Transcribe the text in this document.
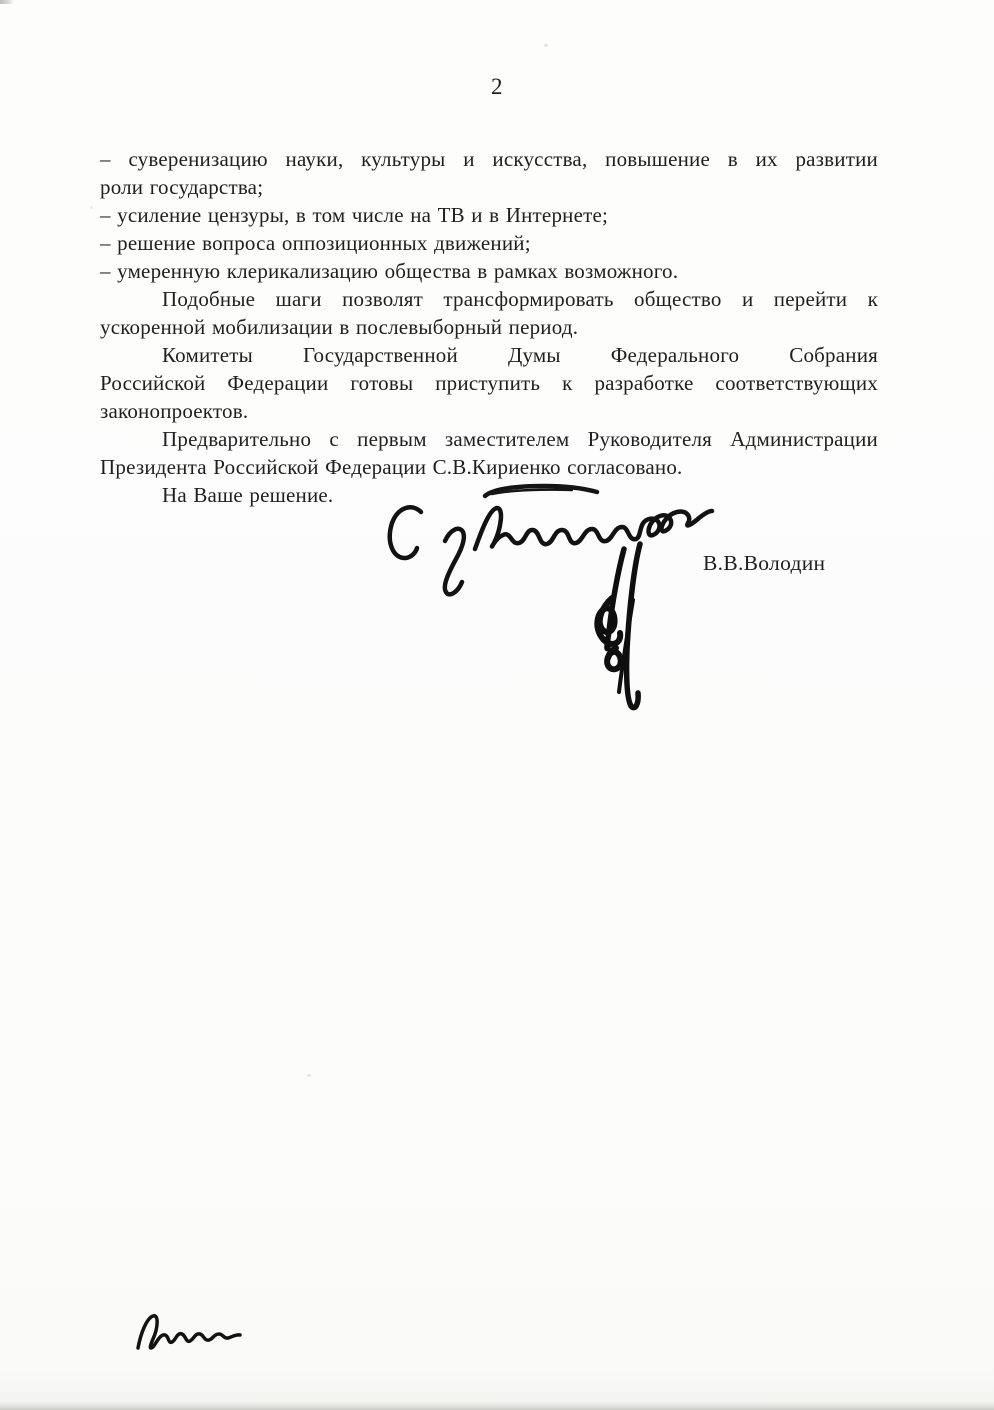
2
– суверенизацию науки, культуры и искусства, повышение в их развитии
роли государства;
– усиление цензуры, в том числе на ТВ и в Интернете;
– решение вопроса оппозиционных движений;
– умеренную клерикализацию общества в рамках возможного.
Подобные шаги позволят трансформировать общество и перейти к
ускоренной мобилизации в послевыборный период.
Комитеты Государственной Думы Федерального Собрания
Российской Федерации готовы приступить к разработке соответствующих
законопроектов.
Предварительно с первым заместителем Руководителя Администрации
Президента Российской Федерации С.В.Кириенко согласовано.
На Ваше решение.
В.В.Володин
